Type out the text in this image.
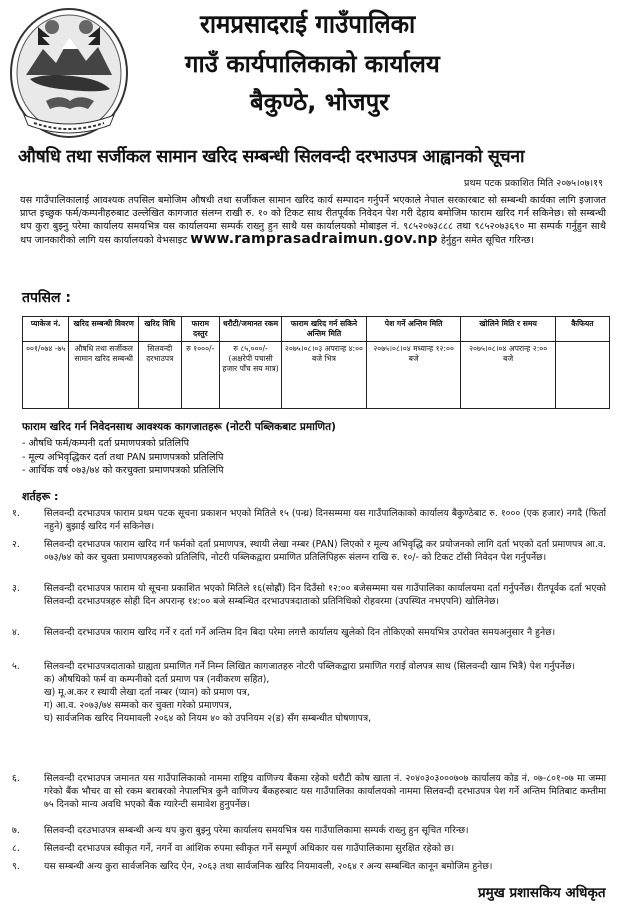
रामप्रसादराई गाउँपालिका
गाउँ कार्यपालिकाको कार्यालय
बैकुण्ठे, भोजपुर
औषधि तथा सर्जीकल सामान खरिद सम्बन्धी सिलवन्दी दरभाउपत्र आह्वानको सूचना
प्रथम पटक प्रकाशित मिति २०७५।०७।१९

यस गाउँपालिकालाई आवश्यक तपसिल बमोजिम औषधी तथा सर्जीकल सामान खरिद कार्य सम्पादन गर्नुपर्ने भएकाले नेपाल सरकारबाट सो सम्बन्धी कार्यका लागि इजाजत प्राप्त इच्छुक फर्म/कम्पनीहरुबाट उल्लेखित कागजात संलग्न राखी रु. १० को टिकट साथ रीतपूर्वक निवेदन पेश गरी देहाय बमोजिम फाराम खरिद गर्न सकिनेछ। सो सम्बन्धी थप कुरा बुझ्नु परेमा कार्यालय समयभित्र यस कार्यालयमा सम्पर्क राख्नु हुन साथै यस कार्यालयको मोबाइल नं. ९८५२०७३८८८ तथा ९८५२०७३६९० मा सम्पर्क गर्नुहुन साथै थप जानकारीको लागि यस कार्यालयको वेभसाइट www.ramprasadraimun.gov.np हेर्नुहुन समेत सूचित गरिन्छ।

तपसिल :
प्याकेज नं.	खरिद सम्बन्धी विवरण	खरिद विधि	फाराम दस्तुर	धरौटी/जमानत रकम	फाराम खरिद गर्न सकिने अन्तिम मिति	पेश गर्ने अन्तिम मिति	खोलिने मिति र समय	कैफियत
००१/०७४ -७५	औषधि तथा सर्जीकल सामान खरिद सम्बन्धी	सिलवन्दी दरभाउपत्र	रु १०००/-	रु ८५,०००/- (अक्षरेपी पचासी हजार पाँच सय मात्र)	२०७५।०८।०३ अपरान्ह ४:०० बजे भित्र	२०७५।०८।०४ मध्यान्ह १२:०० बजे	२०७५।०८।०४ अपरान्ह २:०० बजे	
फाराम खरिद गर्न निवेदनसाथ आवश्यक कागजातहरू (नोटरी पब्लिकबाट प्रमाणित)
- औषधि फर्म/कम्पनी दर्ता प्रमाणपत्रको प्रतिलिपि
- मूल्य अभिवृद्धिकर दर्ता तथा PAN प्रमाणपत्रको प्रतिलिपि
- आर्थिक वर्ष ०७३/७४ को करचुक्ता प्रमाणपत्रको प्रतिलिपि
शर्तहरू :
१.	सिलवन्दी दरभाउपत्र फाराम प्रथम पटक सूचना प्रकाशन भएको मितिले १५ (पन्ध्र) दिनसम्ममा यस गाउँपालिकाको कार्यालय बैकुण्ठेबाट रु. १००० (एक हजार) नगदै (फिर्ता नहुने) बुझाई खरिद गर्न सकिनेछ।
२.	सिलवन्दी दरभाउपत्र फाराम खरिद गर्न फर्मको दर्ता प्रमाणपत्र, स्थायी लेखा नम्बर (PAN) लिएको र मूल्य अभिवृद्धि कर प्रयोजनको लागि दर्ता भएको दर्ता प्रमाणपत्र आ.व. ०७३/७४ को कर चुक्ता प्रमाणपत्रहरुको प्रतिलिपि, नोटरी पब्लिकद्वारा प्रमाणित प्रतिलिपिहरू संलग्न राखि रु. १०/- को टिकट टाँसी निवेदन पेश गर्नुपर्नेछ।
३.	सिलवन्दी दरभाउपत्र फाराम यो सूचना प्रकाशित भएको मितिले १६(सोह्रौं) दिन दिउँसो १२:०० बजेसम्ममा यस गाउँपालिका कार्यालयमा दर्ता गर्नुपर्नेछ। रीतपूर्वक दर्ता भएको सिलवन्दी दरभाउपत्रहरु सोही दिन अपरान्ह १४:०० बजे सम्बन्धित दरभाउपत्रदाताको प्रतिनिधिको रोहवरमा (उपस्थित नभएपनि) खोलिनेछ।
४.	सिलवन्दी दरभाउपत्र फाराम खरिद गर्ने र दर्ता गर्ने अन्तिम दिन बिदा परेमा लगत्तै कार्यालय खुलेको दिन तोकिएको समयभित्र उपरोक्त समयअनुसार नै हुनेछ।
५.	सिलवन्दी दरभाउपत्रदाताको ग्राह्यता प्रमाणित गर्ने निम्न लिखित कागजातहरु नोटरी पब्लिकद्वारा प्रमाणित गराई वोलपत्र साथ (सिलवन्दी खाम भित्रै) पेश गर्नुपर्नेछ।
क) औषधिको फर्म वा कम्पनीको दर्ता प्रमाण पत्र (नवीकरण सहित),
ख) मू.अ.कर र स्थायी लेखा दर्ता नम्बर (प्यान) को प्रमाण पत्र,
ग) आ.व. २०७३/७४ सम्मको कर चुक्ता गरेको प्रमाणपत्र,
घ) सार्वजनिक खरिद नियमावली २०६४ को नियम ४० को उपनियम २(ड) सँग सम्बन्धीत घोषणापत्र,
६.	सिलवन्दी दरभाउपत्र जमानत यस गाउँपालिकाको नाममा राष्ट्रिय वाणिज्य बैंकमा रहेको धरौटी कोष खाता नं. २०४०३०३०००७०७ कार्यालय कोड नं. ०७-८०१-०७ मा जम्मा गरेको बैंक भौचर वा सो रकम बराबरको नेपालभित्र कुनै वाणिज्य बैंकहरुबाट यस गाउँपालिका कार्यालयको नाममा सिलवन्दी दरभाउपत्र पेश गर्ने अन्तिम मितिबाट कम्तीमा ७५ दिनको मान्य अवधि भएको बैंक ग्यारेन्टी समावेश हुनुपर्नेछ।
७.	सिलवन्दी दरउभाउपत्र सम्बन्धी अन्य थप कुरा बुझ्नु परेमा कार्यालय समयभित्र यस गाउँपालिकामा सम्पर्क राख्नु हुन सूचित गरिन्छ।
८.	सिलवन्दी दरभाउपत्र स्वीकृत गर्ने, नगर्ने वा आंशिक रुपमा स्वीकृत गर्ने सम्पूर्ण अधिकार यस गाउँपालिकामा सुरक्षित रहेको छ।
९.	यस सम्बन्धी अन्य कुरा सार्वजनिक खरिद ऐन, २०६३ तथा सार्वजनिक खरिद नियमावली, २०६४ र अन्य सम्बन्धित कानून बमोजिम हुनेछ।
प्रमुख प्रशासकिय अधिकृत
